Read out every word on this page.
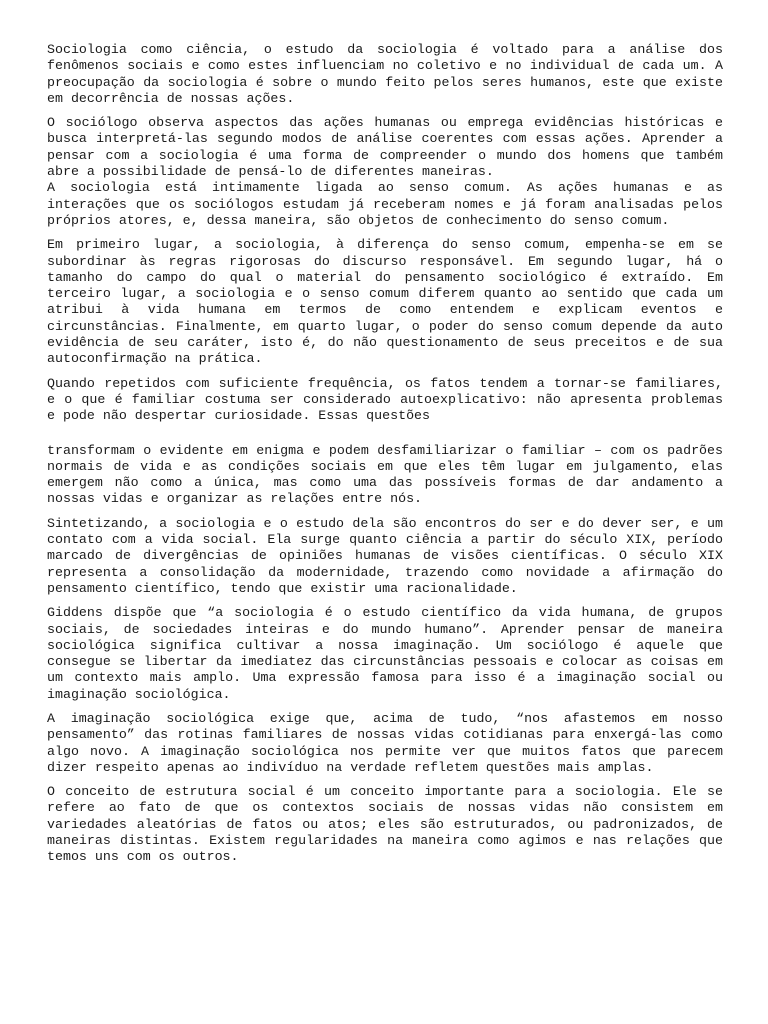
Sociologia como ciência, o estudo da sociologia é voltado para a análise dos fenômenos sociais e como estes influenciam no coletivo e no individual de cada um. A preocupação da sociologia é sobre o mundo feito pelos seres humanos, este que existe em decorrência de nossas ações.

O sociólogo observa aspectos das ações humanas ou emprega evidências históricas e busca interpretá-las segundo modos de análise coerentes com essas ações. Aprender a pensar com a sociologia é uma forma de compreender o mundo dos homens que também abre a possibilidade de pensá-lo de diferentes maneiras.

A sociologia está intimamente ligada ao senso comum. As ações humanas e as interações que os sociólogos estudam já receberam nomes e já foram analisadas pelos próprios atores, e, dessa maneira, são objetos de conhecimento do senso comum.

Em primeiro lugar, a sociologia, à diferença do senso comum, empenha-se em se subordinar às regras rigorosas do discurso responsável. Em segundo lugar, há o tamanho do campo do qual o material do pensamento sociológico é extraído. Em terceiro lugar, a sociologia e o senso comum diferem quanto ao sentido que cada um atribui à vida humana em termos de como entendem e explicam eventos e circunstâncias. Finalmente, em quarto lugar, o poder do senso comum depende da auto evidência de seu caráter, isto é, do não questionamento de seus preceitos e de sua autoconfirmação na prática.

Quando repetidos com suficiente frequência, os fatos tendem a tornar-se familiares, e o que é familiar costuma ser considerado autoexplicativo: não apresenta problemas e pode não despertar curiosidade. Essas questões

transformam o evidente em enigma e podem desfamiliarizar o familiar – com os padrões normais de vida e as condições sociais em que eles têm lugar em julgamento, elas emergem não como a única, mas como uma das possíveis formas de dar andamento a nossas vidas e organizar as relações entre nós.

Sintetizando, a sociologia e o estudo dela são encontros do ser e do dever ser, e um contato com a vida social. Ela surge quanto ciência a partir do século XIX, período marcado de divergências de opiniões humanas de visões científicas. O século XIX representa a consolidação da modernidade, trazendo como novidade a afirmação do pensamento científico, tendo que existir uma racionalidade.

Giddens dispõe que “a sociologia é o estudo científico da vida humana, de grupos sociais, de sociedades inteiras e do mundo humano”. Aprender pensar de maneira sociológica significa cultivar a nossa imaginação. Um sociólogo é aquele que consegue se libertar da imediatez das circunstâncias pessoais e colocar as coisas em um contexto mais amplo. Uma expressão famosa para isso é a imaginação social ou imaginação sociológica.

A imaginação sociológica exige que, acima de tudo, “nos afastemos em nosso pensamento” das rotinas familiares de nossas vidas cotidianas para enxergá-las como algo novo. A imaginação sociológica nos permite ver que muitos fatos que parecem dizer respeito apenas ao indivíduo na verdade refletem questões mais amplas.

O conceito de estrutura social é um conceito importante para a sociologia. Ele se refere ao fato de que os contextos sociais de nossas vidas não consistem em variedades aleatórias de fatos ou atos; eles são estruturados, ou padronizados, de maneiras distintas. Existem regularidades na maneira como agimos e nas relações que temos uns com os outros.
